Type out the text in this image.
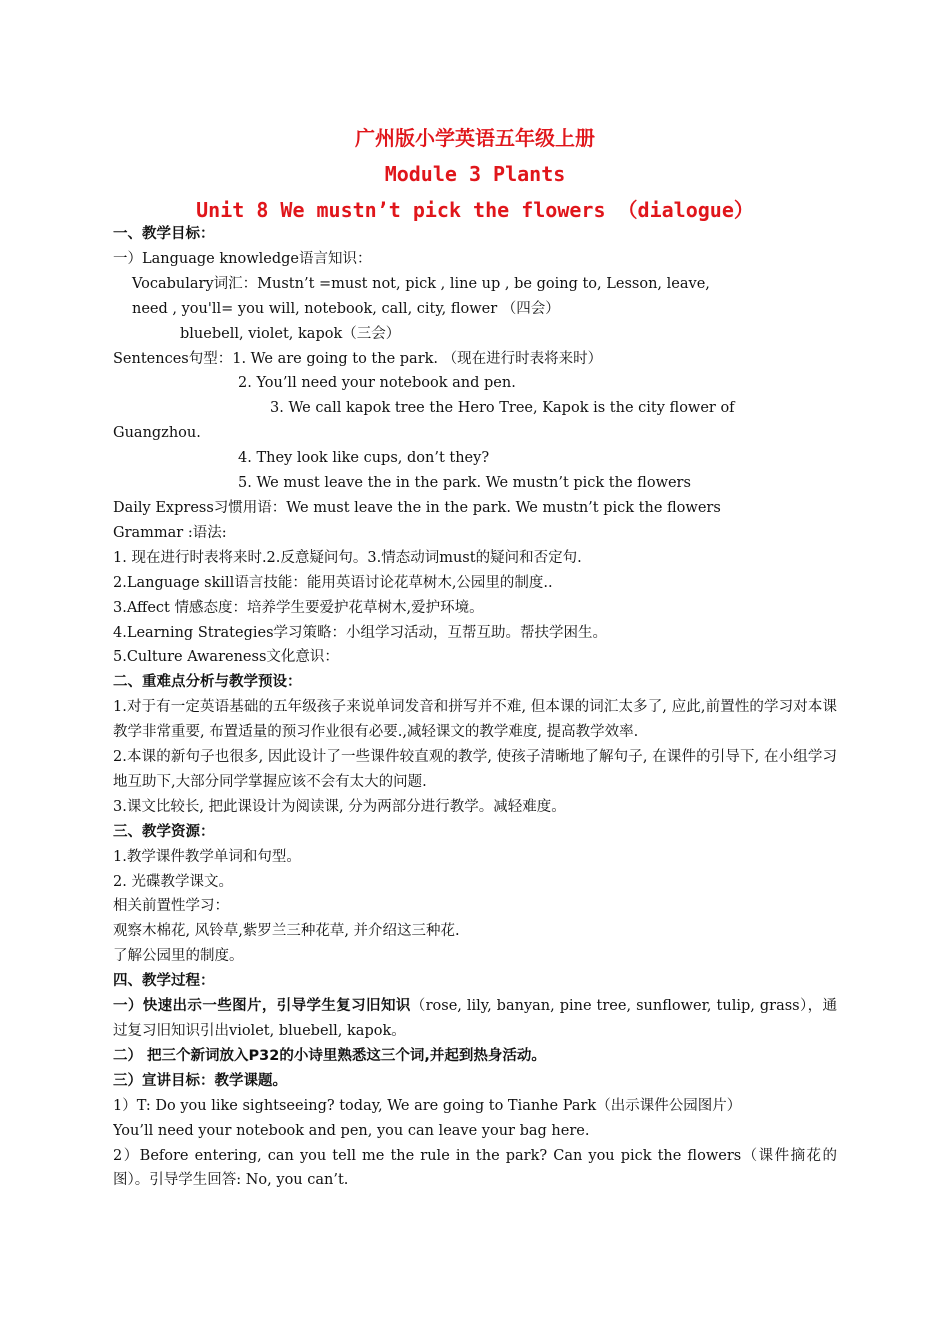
广州版小学英语五年级上册
Module 3 Plants
Unit 8 We mustn’t pick the flowers （dialogue）
一、教学目标：
一）Language knowledge语言知识：
Vocabulary词汇：Mustn’t =must not, pick , line up , be going to, Lesson, leave,
need , you'll= you will, notebook, call, city, flower （四会）
bluebell, violet, kapok（三会）
Sentences句型：1. We are going to the park. （现在进行时表将来时）
2. You’ll need your notebook and pen.
3. We call kapok tree the Hero Tree, Kapok is the city flower of
Guangzhou.
4. They look like cups, don’t they?
5. We must leave the in the park. We mustn’t pick the flowers
Daily Express习惯用语：We must leave the in the park. We mustn’t pick the flowers
Grammar :语法:
1. 现在进行时表将来时.2.反意疑问句。3.情态动词must的疑问和否定句.
2.Language skill语言技能：能用英语讨论花草树木,公园里的制度..
3.Affect 情感态度：培养学生要爱护花草树木,爱护环境。
4.Learning Strategies学习策略：小组学习活动，互帮互助。帮扶学困生。
5.Culture Awareness文化意识：
二、重难点分析与教学预设：
1.对于有一定英语基础的五年级孩子来说单词发音和拼写并不难, 但本课的词汇太多了, 应此,前置性的学习对本课教学非常重要, 布置适量的预习作业很有必要.,减轻课文的教学难度, 提高教学效率.
2.本课的新句子也很多, 因此设计了一些课件较直观的教学, 使孩子清晰地了解句子, 在课件的引导下, 在小组学习地互助下,大部分同学掌握应该不会有太大的问题.
3.课文比较长, 把此课设计为阅读课, 分为两部分进行教学。减轻难度。
三、教学资源：
1.教学课件教学单词和句型。
2. 光碟教学课文。
相关前置性学习：
观察木棉花, 风铃草,紫罗兰三种花草, 并介绍这三种花.
了解公园里的制度。
四、教学过程：
一）快速出示一些图片，引导学生复习旧知识（rose, lily, banyan, pine tree, sunflower, tulip, grass），通过复习旧知识引出violet, bluebell, kapok。
二） 把三个新词放入P32的小诗里熟悉这三个词,并起到热身活动。
三）宣讲目标：教学课题。
1）T: Do you like sightseeing? today, We are going to Tianhe Park（出示课件公园图片）
You’ll need your notebook and pen, you can leave your bag here.
2）Before entering, can you tell me the rule in the park? Can you pick the flowers（课件摘花的图）。引导学生回答: No, you can’t.
